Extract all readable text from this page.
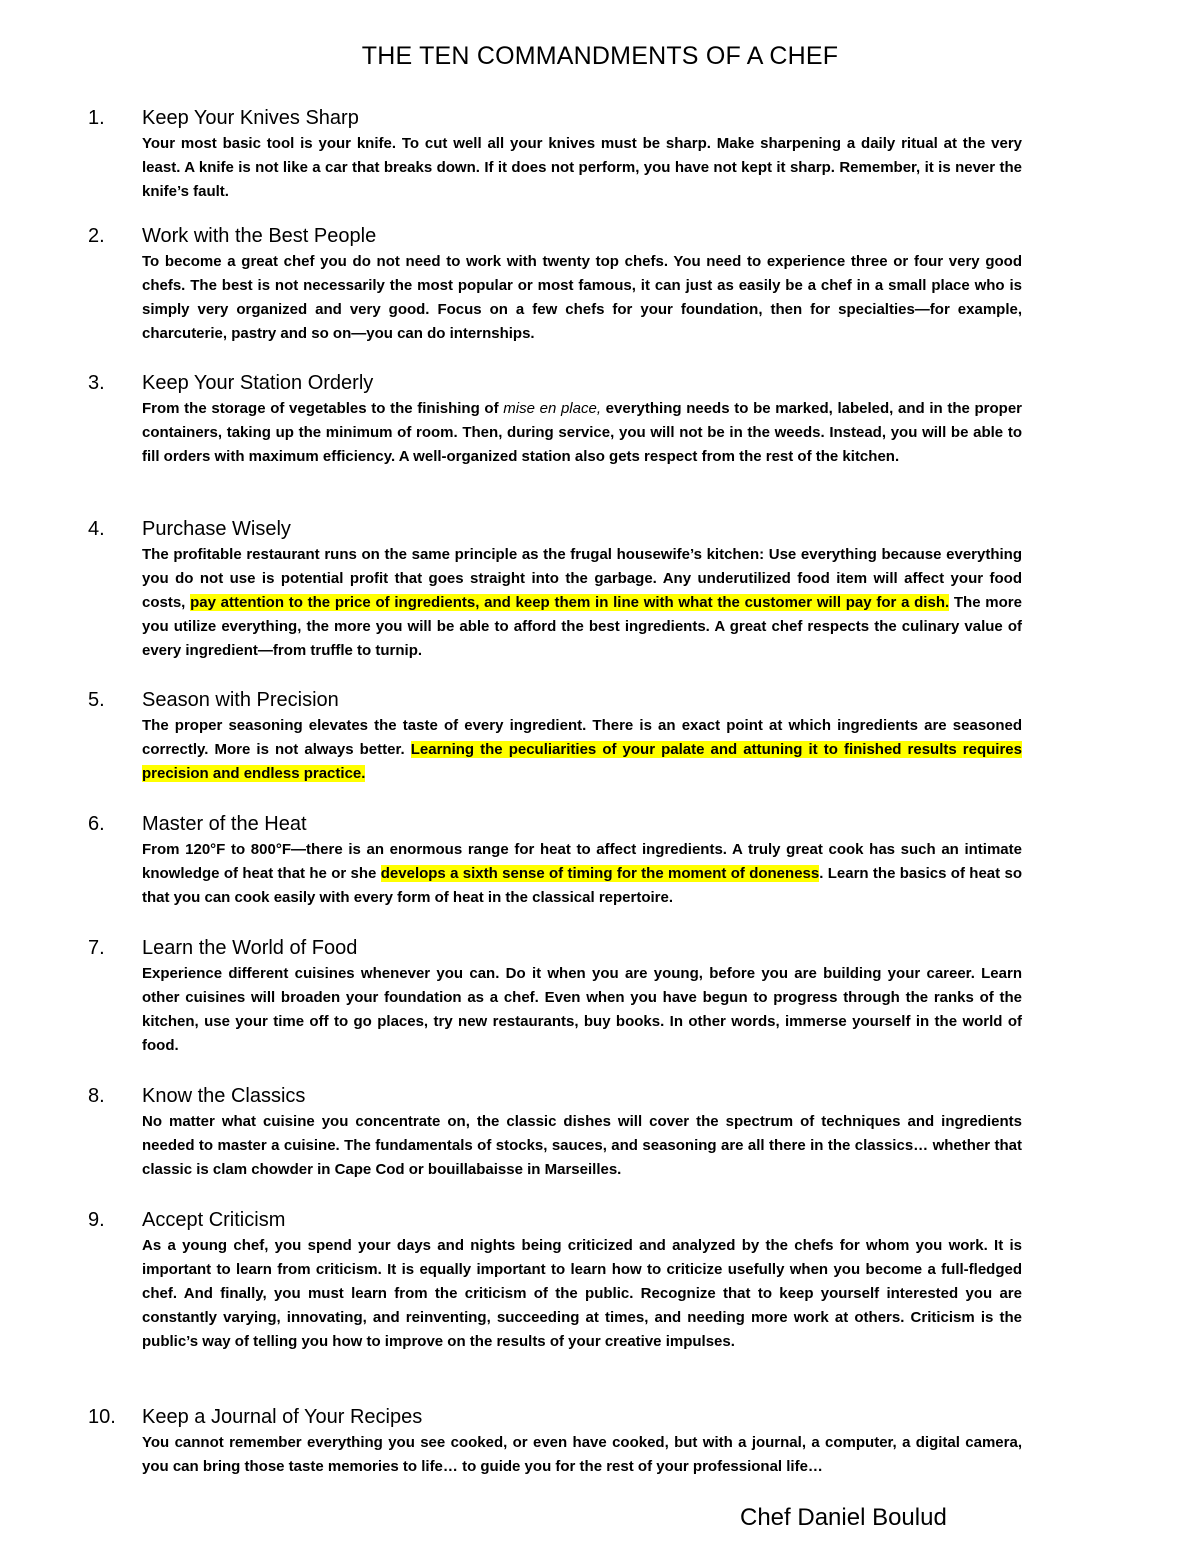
THE TEN COMMANDMENTS OF A CHEF
1. Keep Your Knives Sharp
Your most basic tool is your knife. To cut well all your knives must be sharp. Make sharpening a daily ritual at the very least. A knife is not like a car that breaks down. If it does not perform, you have not kept it sharp. Remember, it is never the knife’s fault.
2. Work with the Best People
To become a great chef you do not need to work with twenty top chefs. You need to experience three or four very good chefs. The best is not necessarily the most popular or most famous, it can just as easily be a chef in a small place who is simply very organized and very good. Focus on a few chefs for your foundation, then for specialties—for example, charcuterie, pastry and so on—you can do internships.
3. Keep Your Station Orderly
From the storage of vegetables to the finishing of mise en place, everything needs to be marked, labeled, and in the proper containers, taking up the minimum of room. Then, during service, you will not be in the weeds. Instead, you will be able to fill orders with maximum efficiency. A well-organized station also gets respect from the rest of the kitchen.
4. Purchase Wisely
The profitable restaurant runs on the same principle as the frugal housewife’s kitchen: Use everything because everything you do not use is potential profit that goes straight into the garbage. Any underutilized food item will affect your food costs, pay attention to the price of ingredients, and keep them in line with what the customer will pay for a dish. The more you utilize everything, the more you will be able to afford the best ingredients. A great chef respects the culinary value of every ingredient—from truffle to turnip.
5. Season with Precision
The proper seasoning elevates the taste of every ingredient. There is an exact point at which ingredients are seasoned correctly. More is not always better. Learning the peculiarities of your palate and attuning it to finished results requires precision and endless practice.
6. Master of the Heat
From 120°F to 800°F—there is an enormous range for heat to affect ingredients. A truly great cook has such an intimate knowledge of heat that he or she develops a sixth sense of timing for the moment of doneness. Learn the basics of heat so that you can cook easily with every form of heat in the classical repertoire.
7. Learn the World of Food
Experience different cuisines whenever you can. Do it when you are young, before you are building your career. Learn other cuisines will broaden your foundation as a chef. Even when you have begun to progress through the ranks of the kitchen, use your time off to go places, try new restaurants, buy books. In other words, immerse yourself in the world of food.
8. Know the Classics
No matter what cuisine you concentrate on, the classic dishes will cover the spectrum of techniques and ingredients needed to master a cuisine. The fundamentals of stocks, sauces, and seasoning are all there in the classics… whether that classic is clam chowder in Cape Cod or bouillabaisse in Marseilles.
9. Accept Criticism
As a young chef, you spend your days and nights being criticized and analyzed by the chefs for whom you work. It is important to learn from criticism. It is equally important to learn how to criticize usefully when you become a full-fledged chef. And finally, you must learn from the criticism of the public. Recognize that to keep yourself interested you are constantly varying, innovating, and reinventing, succeeding at times, and needing more work at others. Criticism is the public’s way of telling you how to improve on the results of your creative impulses.
10. Keep a Journal of Your Recipes
You cannot remember everything you see cooked, or even have cooked, but with a journal, a computer, a digital camera, you can bring those taste memories to life… to guide you for the rest of your professional life…
Chef Daniel Boulud
